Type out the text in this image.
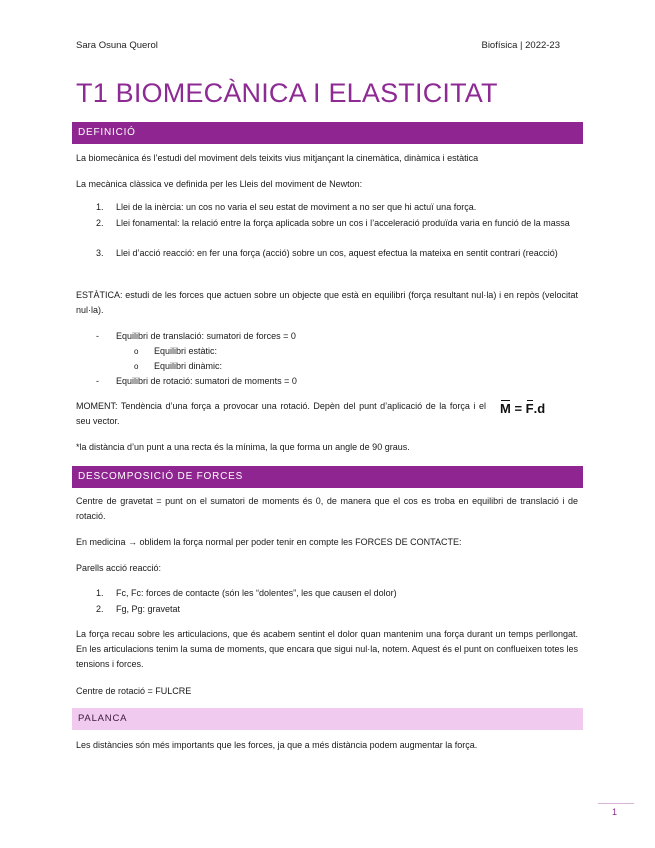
Sara Osuna Querol	Biofísica | 2022-23
T1 BIOMECÀNICA I ELASTICITAT
DEFINICIÓ

La biomecànica és l’estudi del moviment dels teixits vius mitjançant la cinemàtica, dinàmica i estàtica

La mecànica clàssica ve definida per les Lleis del moviment de Newton:

1. Llei de la inèrcia: un cos no varia el seu estat de moviment a no ser que hi actuï una força.
2. Llei fonamental: la relació entre la força aplicada sobre un cos i l’acceleració produïda varia en funció de la massa
3. Llei d’acció reacció: en fer una força (acció) sobre un cos, aquest efectua la mateixa en sentit contrari (reacció)

ESTÀTICA: estudi de les forces que actuen sobre un objecte que està en equilibri (força resultant nul·la) i en repòs (velocitat nul·la).

- Equilibri de translació: sumatori de forces = 0
o Equilibri estàtic:
o Equilibri dinàmic:
- Equilibri de rotació: sumatori de moments = 0

MOMENT: Tendència d’una força a provocar una rotació. Depèn del punt d’aplicació de la força i el seu vector.

M = F.d

*la distància d’un punt a una recta és la mínima, la que forma un angle de 90 graus.

DESCOMPOSICIÓ DE FORCES

Centre de gravetat = punt on el sumatori de moments és 0, de manera que el cos es troba en equilibri de translació i de rotació.

En medicina → oblidem la força normal per poder tenir en compte les FORCES DE CONTACTE:

Parells acció reacció:

1. Fc, Fc: forces de contacte (són les “dolentes”, les que causen el dolor)
2. Fg, Pg: gravetat

La força recau sobre les articulacions, que és acabem sentint el dolor quan mantenim una força durant un temps perllongat. En les articulacions tenim la suma de moments, que encara que sigui nul·la, notem. Aquest és el punt on conflueixen totes les tensions i forces.

Centre de rotació = FULCRE

PALANCA

Les distàncies són més importants que les forces, ja que a més distància podem augmentar la força.

1
